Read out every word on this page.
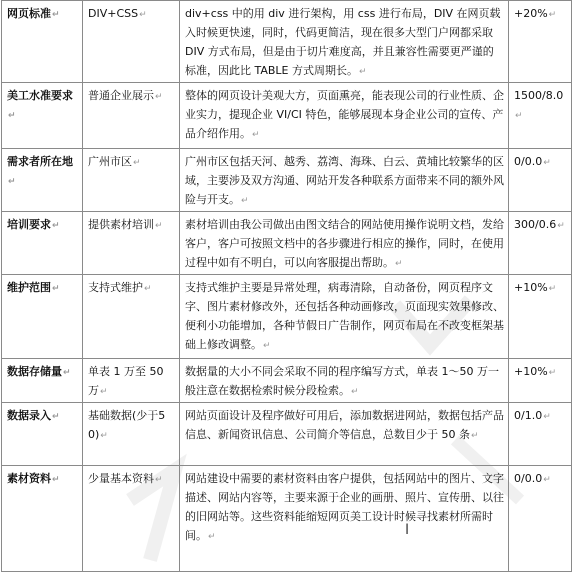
网页标准↵	DIV+CSS↵	div+css 中的用 div 进行架构，用 css 进行布局，DIV 在网页载入时候更快速，同时，代码更简洁，现在很多大型门户网都采取 DIV 方式布局，但是由于切片难度高，并且兼容性需要更严谨的标准，因此比 TABLE 方式周期长。↵	+20%↵
美工水准要求↵	普通企业展示↵	整体的网页设计美观大方，页面熏亮，能表现公司的行业性质、企业实力，提现企业 VI/CI 特色，能够展现本身企业公司的宣传、产品介绍作用。↵	1500/8.0↵
需求者所在地↵	广州市区↵	广州市区包括天河、越秀、荔湾、海珠、白云、黄埔比较繁华的区域，主要涉及双方沟通、网站开发各种联系方面带来不同的额外风险与开支。↵	0/0.0↵
培训要求↵	提供素材培训↵	素材培训由我公司做出由图文结合的网站使用操作说明文档，发给客户，客户可按照文档中的各步骤进行相应的操作，同时，在使用过程中如有不明白，可以向客服提出帮助。↵	300/0.6↵
维护范围↵	支持式维护↵	支持式维护主要是异常处理，病毒清除，自动备份，网页程序文字、图片素材修改外，还包括各种动画修改，页面现实效果修改、便利小功能增加，各种节假日广告制作，网页布局在不改变框架基础上修改调整。↵	+10%↵
数据存储量↵	单表 1 万至 50 万↵	数据量的大小不同会采取不同的程序编写方式，单表 1～50 万一般注意在数据检索时候分段检索。↵	+10%↵
数据录入↵	基础数据(少于50)↵	网站页面设计及程序做好可用后，添加数据进网站，数据包括产品信息、新闻资讯信息、公司简介等信息，总数目少于 50 条↵	0/1.0↵
素材资料↵	少量基本资料↵	网站建设中需要的素材资料由客户提供，包括网站中的图片、文字描述、网站内容等，主要来源于企业的画册、照片、宣传册、以往的旧网站等。这些资料能缩短网页美工设计时候寻找素材所需时间。↵	0/0.0↵
I
